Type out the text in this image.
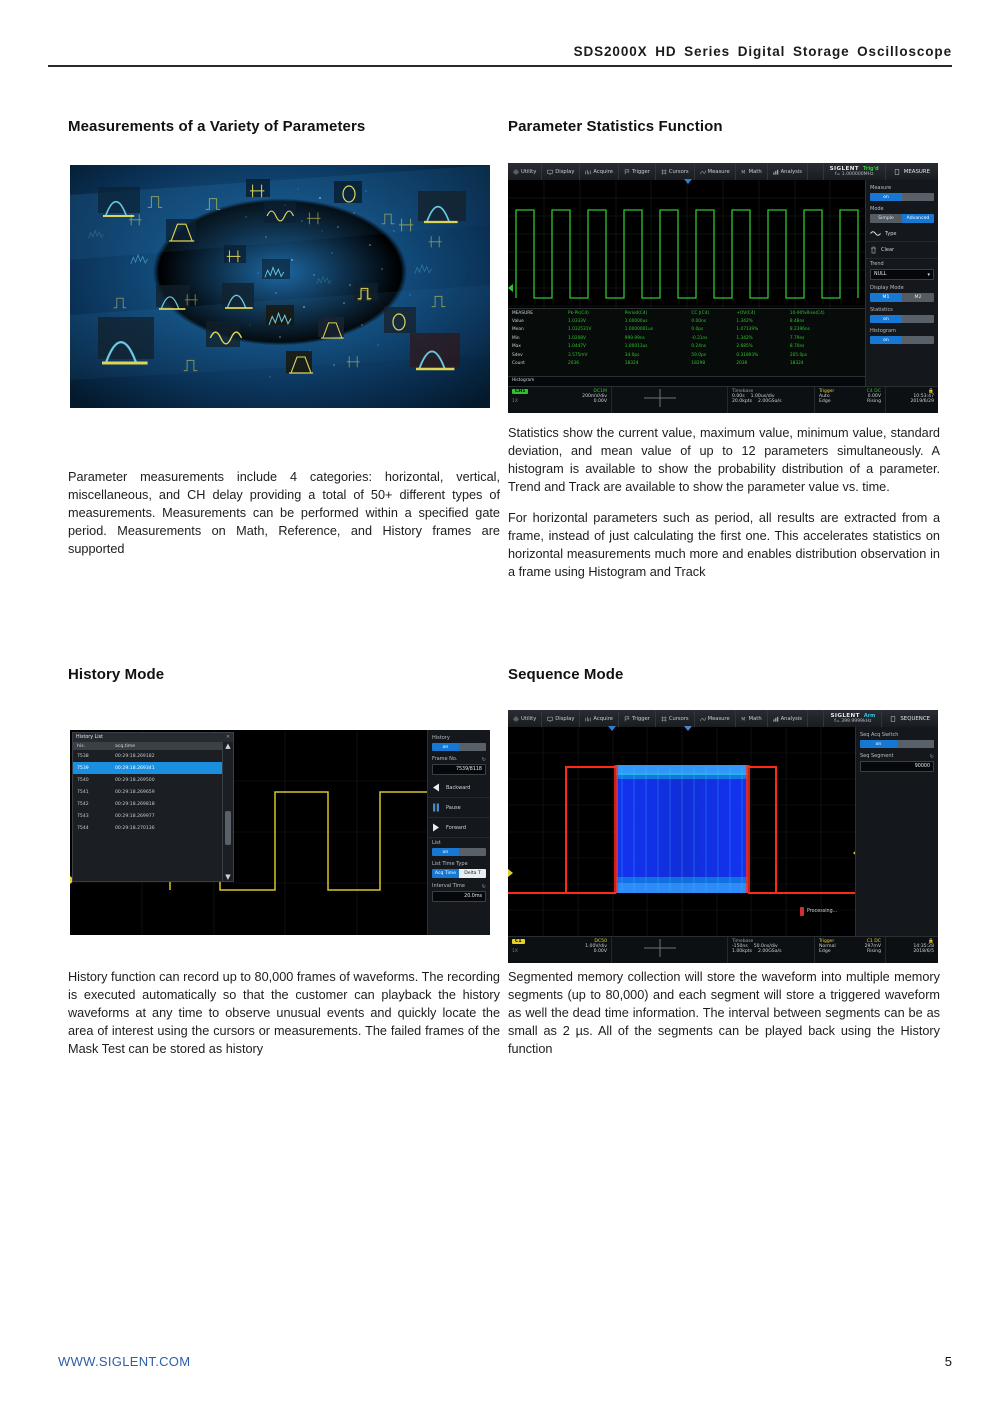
SDS2000X HD Series Digital Storage Oscilloscope
Measurements of a Variety of Parameters

Parameter measurements include 4 categories: horizontal, vertical, miscellaneous, and CH delay providing a total of 50+ different types of measurements. Measurements can be performed within a specified gate period. Measurements on Math, Reference, and History frames are supported

Parameter Statistics Function
Utility	Display	Acquire	Trigger	Cursors	Measure M Math	Analysis	SIGLENT Trig'd
f= 1.000000MHz	MEASURE
MEASURE	Pk-Pk(C4)	Period(C4)	CC J(C4)	+OV(C4)	10-90%Rise(C4)
Value	1.0333V	1.00000us	0.00ns	1.342%	8.48ns
Mean	1.032531V	1.0000001us	0.0ps	1.07139%	8.2396ns
Min	1.0208V	999.99ns	-0.21ns	1.342%	7.79ns
Max	1.0447V	1.00013us	0.24ns	2.685%	8.70ns
Sdev	3.575mV	34.0ps	59.0ps	0.31893%	205.0ps
Count	2036	18324	18298	2036	18324
Histogram
Measure
on
Mode
Simple	Advanced
Type
Clear
Trend
NULL	▾
Display Mode
M1	M2
Statistics
on
Histogram
on
CH1	DC1M
200mV/div
1X	0.00V
Timebase
0.00s 1.00us/div
20.0kpts 2.00GSa/s
Trigger	C4 DC
Auto	0.00V
Edge	Rising
🔒
10:53:47
2019/6/29

Statistics show the current value, maximum value, minimum value, standard deviation, and mean value of up to 12 parameters simultaneously. A histogram is available to show the probability distribution of a parameter. Trend and Track are available to show the parameter value vs. time.

For horizontal parameters such as period, all results are extracted from a frame, instead of just calculating the first one. This accelerates statistics on horizontal measurements much more and enables distribution observation in a frame using Histogram and Track

History Mode
History List	✕
his.	acq.time
7538	00:29:18.269182
7539	00:29:18.269341
7540	00:29:18.269500
7541	00:29:18.269659
7542	00:29:18.269818
7543	00:29:18.269977
7544	00:29:18.270136
▲
▼
History
on
Frame No.	↻
7539/8118
Backward
Pause
Forward
List
on
List Time Type
Acq Time	Delta T
Interval Time	↻
20.0ms

History function can record up to 80,000 frames of waveforms. The recording is executed automatically so that the customer can playback the history waveforms at any time to observe unusual events and quickly locate the area of interest using the cursors or measurements. The failed frames of the Mask Test can be stored as history

Sequence Mode
Utility	Display	Acquire	Trigger	Cursors	Measure M Math	Analysis	SIGLENT Arm
f= 399.9999kHz	SEQUENCE
Processing...
Seq Acq Switch
on
Seq Segment	↻
90000
C1	DC50
1.00V/div
1X	0.00V
Timebase
-150ns 50.0ns/div
1.00kpts 2.00GSa/s
Trigger	C1 DC
Normal	297mV
Edge	Rising
🔒
14:35:28
2018/6/5

Segmented memory collection will store the waveform into multiple memory segments (up to 80,000) and each segment will store a triggered waveform as well the dead time information. The interval between segments can be as small as 2 µs. All of the segments can be played back using the History function

WWW.SIGLENT.COM	5
